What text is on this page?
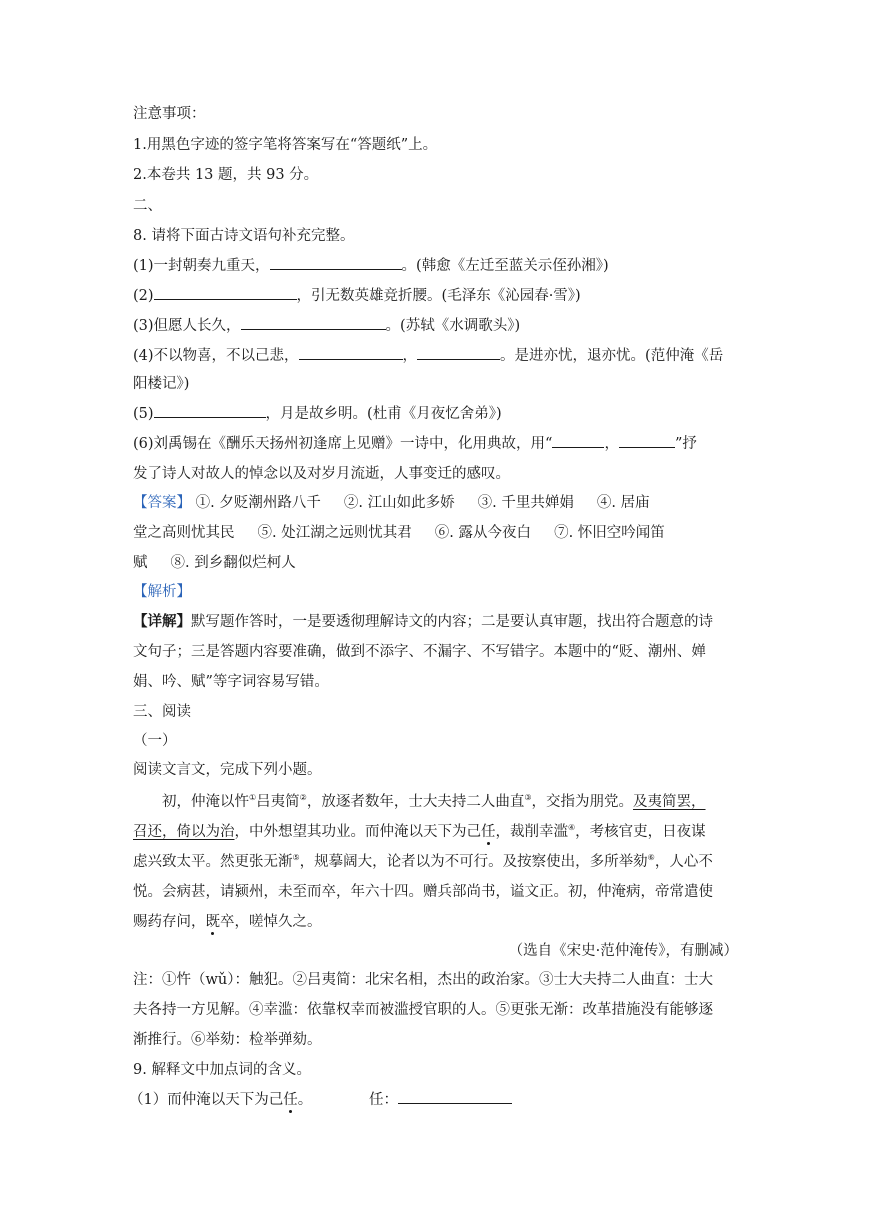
注意事项：
1.用黑色字迹的签字笔将答案写在“答题纸”上。
2.本卷共 13 题，共 93 分。
二、
8. 请将下面古诗文语句补充完整。
(1)一封朝奏九重天，	。(韩愈《左迁至蓝关示侄孙湘》)
(2)	，引无数英雄竞折腰。(毛泽东《沁园春·雪》)
(3)但愿人长久，	。(苏轼《水调歌头》)
(4)不以物喜，不以己悲，	，	。是进亦忧，退亦忧。(范仲淹《岳
阳楼记》)
(5)	，月是故乡明。(杜甫《月夜忆舍弟》)
(6)刘禹锡在《酬乐天扬州初逢席上见赠》一诗中，化用典故，用“	，	”抒
发了诗人对故人的悼念以及对岁月流逝，人事变迁的感叹。
【答案】 ①. 夕贬潮州路八千     ②. 江山如此多娇     ③. 千里共婵娟     ④. 居庙
堂之高则忧其民     ⑤. 处江湖之远则忧其君     ⑥. 露从今夜白     ⑦. 怀旧空吟闻笛
赋     ⑧. 到乡翻似烂柯人
【解析】
【详解】默写题作答时，一是要透彻理解诗文的内容；二是要认真审题，找出符合题意的诗
文句子；三是答题内容要准确，做到不添字、不漏字、不写错字。本题中的“贬、潮州、婵
娟、吟、赋”等字词容易写错。
三、阅读
（一）
阅读文言文，完成下列小题。
初，仲淹以忤①吕夷简②，放逐者数年，士大夫持二人曲直③，交指为朋党。及夷简罢，
召还，倚以为治，中外想望其功业。而仲淹以天下为己任，裁削幸滥④，考核官吏，日夜谋
虑兴致太平。然更张无渐⑤，规摹阔大，论者以为不可行。及按察使出，多所举劾⑥，人心不
悦。会病甚，请颍州，未至而卒，年六十四。赠兵部尚书，谥文正。初，仲淹病，帝常遣使
赐药存问，既卒，嗟悼久之。
（选自《宋史·范仲淹传》，有删减）
注：①忤（wǔ）：触犯。②吕夷简：北宋名相，杰出的政治家。③士大夫持二人曲直：士大
夫各持一方见解。④幸滥：依靠权幸而被滥授官职的人。⑤更张无渐：改革措施没有能够逐
渐推行。⑥举劾：检举弹劾。
9. 解释文中加点词的含义。
（1）而仲淹以天下为己任。	任：
